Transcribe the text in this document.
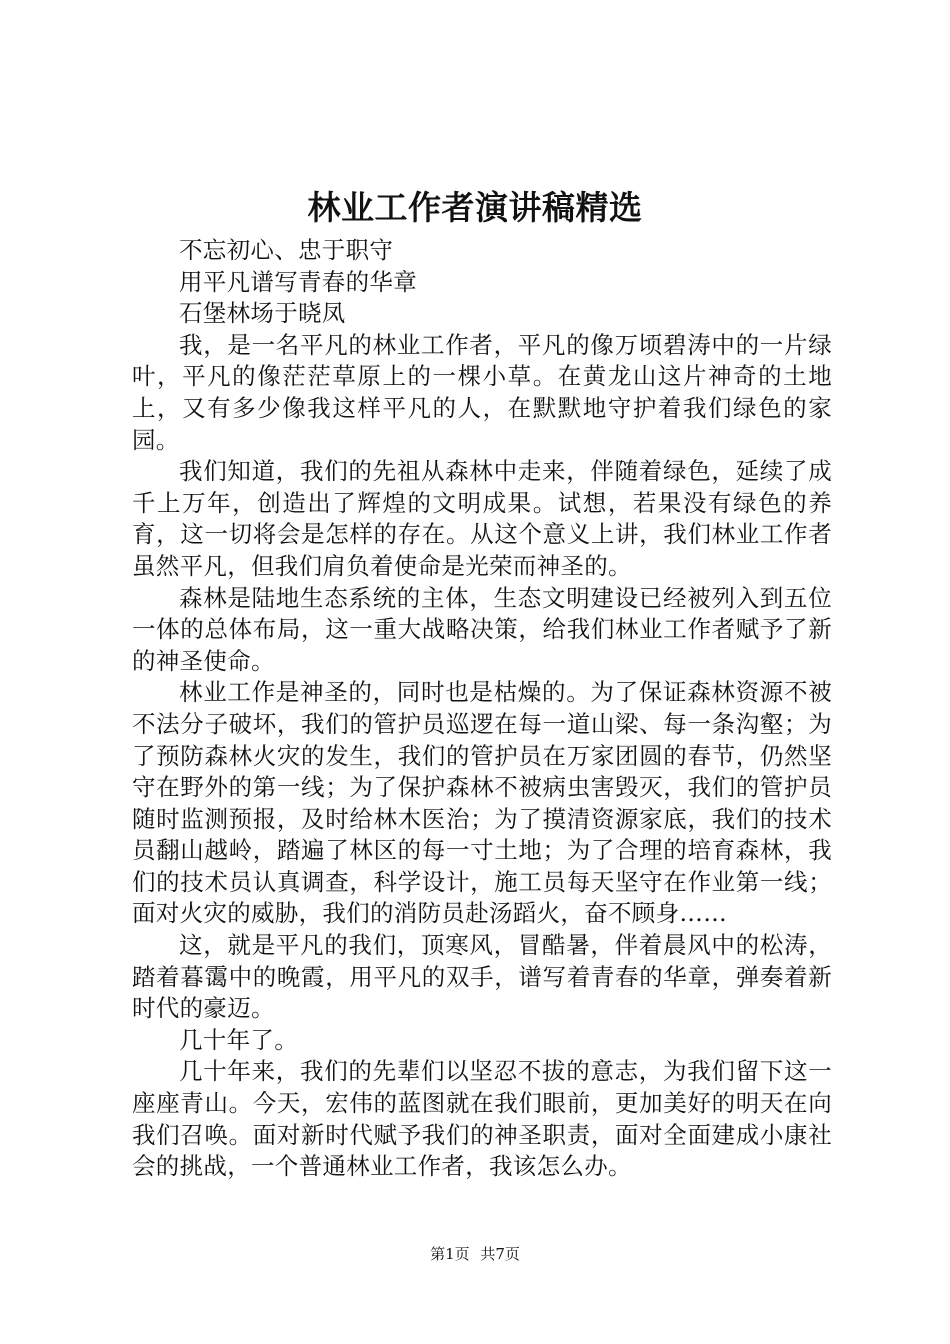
林业工作者演讲稿精选

不忘初心、忠于职守

用平凡谱写青春的华章

石堡林场于晓凤

我，是一名平凡的林业工作者，平凡的像万顷碧涛中的一片绿叶，平凡的像茫茫草原上的一棵小草。在黄龙山这片神奇的土地上，又有多少像我这样平凡的人，在默默地守护着我们绿色的家园。

我们知道，我们的先祖从森林中走来，伴随着绿色，延续了成千上万年，创造出了辉煌的文明成果。试想，若果没有绿色的养育，这一切将会是怎样的存在。从这个意义上讲，我们林业工作者虽然平凡，但我们肩负着使命是光荣而神圣的。

森林是陆地生态系统的主体，生态文明建设已经被列入到五位一体的总体布局，这一重大战略决策，给我们林业工作者赋予了新的神圣使命。

林业工作是神圣的，同时也是枯燥的。为了保证森林资源不被不法分子破坏，我们的管护员巡逻在每一道山梁、每一条沟壑；为了预防森林火灾的发生，我们的管护员在万家团圆的春节，仍然坚守在野外的第一线；为了保护森林不被病虫害毁灭，我们的管护员随时监测预报，及时给林木医治；为了摸清资源家底，我们的技术员翻山越岭，踏遍了林区的每一寸土地；为了合理的培育森林，我们的技术员认真调查，科学设计，施工员每天坚守在作业第一线；面对火灾的威胁，我们的消防员赴汤蹈火，奋不顾身……

这，就是平凡的我们，顶寒风，冒酷暑，伴着晨风中的松涛，踏着暮霭中的晚霞，用平凡的双手，谱写着青春的华章，弹奏着新时代的豪迈。

几十年了。

几十年来，我们的先辈们以坚忍不拔的意志，为我们留下这一座座青山。今天，宏伟的蓝图就在我们眼前，更加美好的明天在向我们召唤。面对新时代赋予我们的神圣职责，面对全面建成小康社会的挑战，一个普通林业工作者，我该怎么办。

第1页 共7页
